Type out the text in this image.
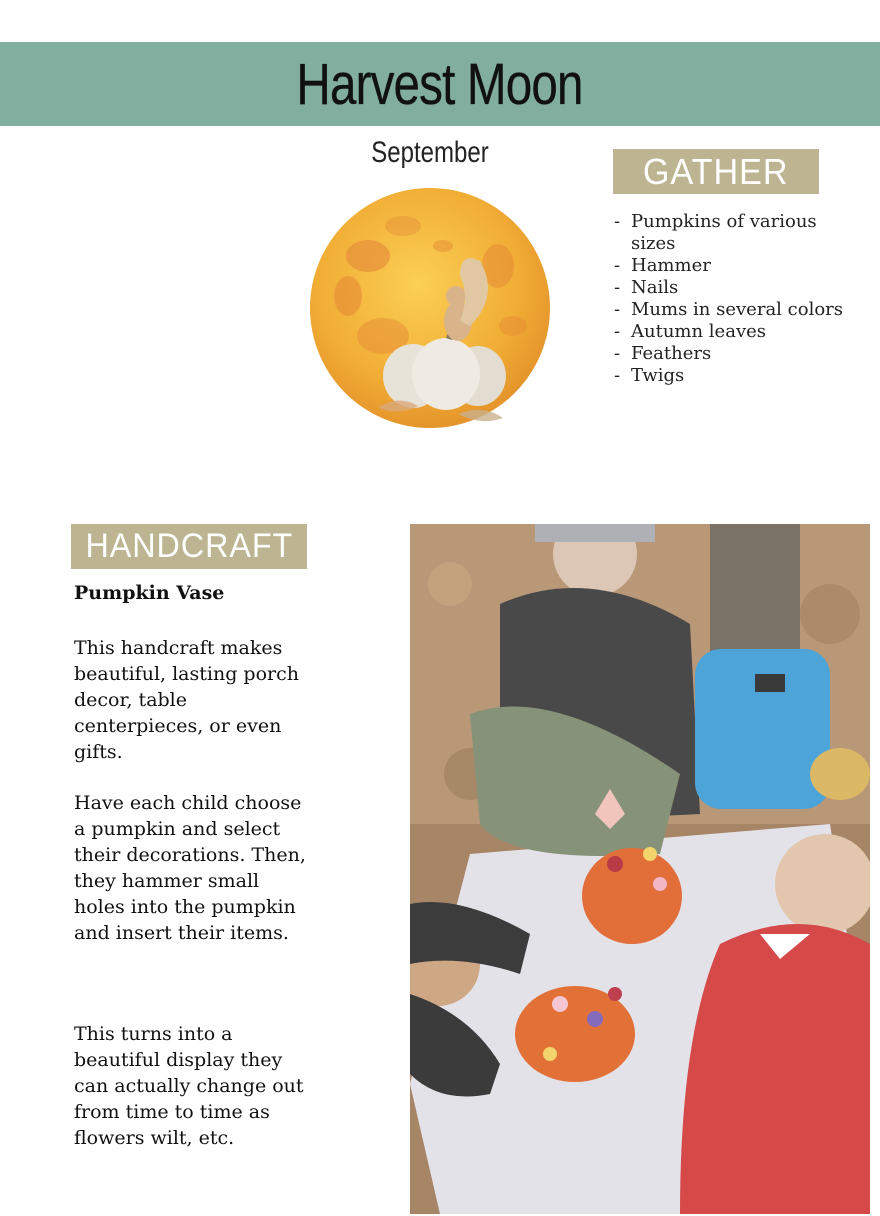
Harvest Moon
September	GATHER
- Pumpkins of various sizes
- Hammer
- Nails
- Mums in several colors
- Autumn leaves
- Feathers
- Twigs
HANDCRAFT
Pumpkin Vase

This handcraft makes beautiful, lasting porch decor, table centerpieces, or even gifts.

Have each child choose a pumpkin and select their decorations. Then, they hammer small holes into the pumpkin and insert their items.

This turns into a beautiful display they can actually change out from time to time as flowers wilt, etc.
